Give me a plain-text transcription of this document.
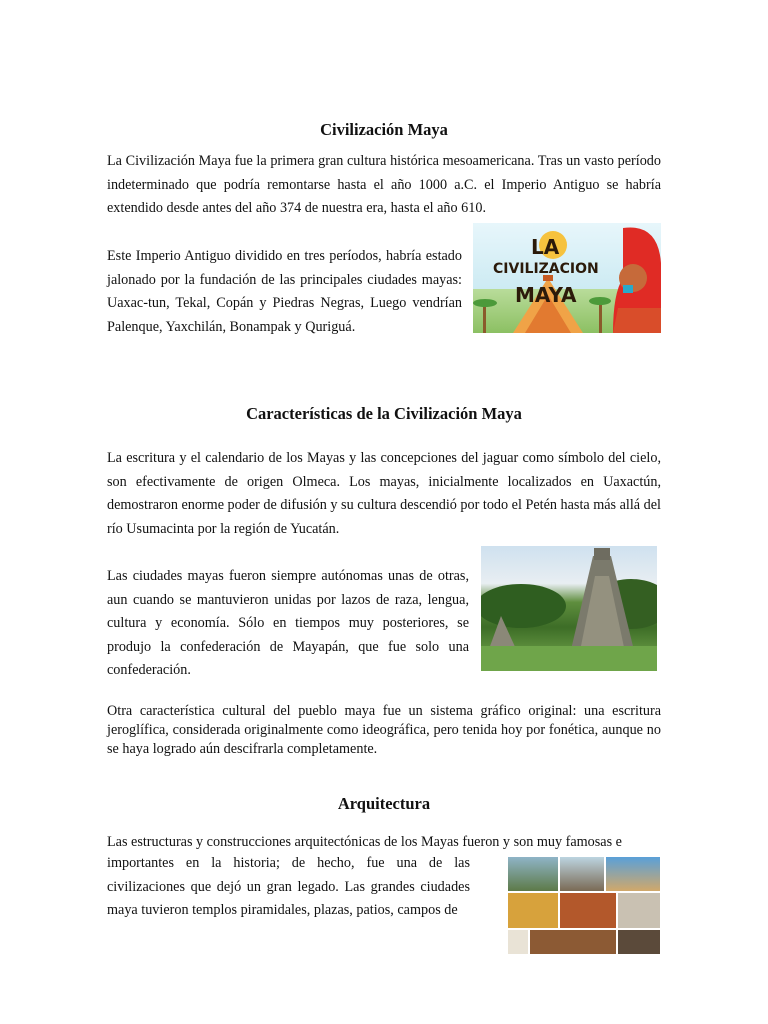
Civilización Maya

La Civilización Maya fue la primera gran cultura histórica mesoamericana. Tras un vasto período indeterminado que podría remontarse hasta el año 1000 a.C. el Imperio Antiguo se habría extendido desde antes del año 374 de nuestra era, hasta el año 610.

Este Imperio Antiguo dividido en tres períodos, habría estado jalonado por la fundación de las principales ciudades mayas: Uaxac-tun, Tekal, Copán y Piedras Negras, Luego vendrían Palenque, Yaxchilán, Bonampak y Quriguá.

LA
CIVILIZACION
MAYA
Características de la Civilización Maya

La escritura y el calendario de los Mayas y las concepciones del jaguar como símbolo del cielo, son efectivamente de origen Olmeca. Los mayas, inicialmente localizados en Uaxactún, demostraron enorme poder de difusión y su cultura descendió por todo el Petén hasta más allá del río Usumacinta por la región de Yucatán.

Las ciudades mayas fueron siempre autónomas unas de otras, aun cuando se mantuvieron unidas por lazos de raza, lengua, cultura y economía. Sólo en tiempos muy posteriores, se produjo la confederación de Mayapán, que fue solo una confederación.

Otra característica cultural del pueblo maya fue un sistema gráfico original: una escritura jeroglífica, considerada originalmente como ideográfica, pero tenida hoy por fonética, aunque no se haya logrado aún descifrarla completamente.

Arquitectura

Las estructuras y construcciones arquitectónicas de los Mayas fueron y son muy famosas e

importantes en la historia; de hecho, fue una de las civilizaciones que dejó un gran legado. Las grandes ciudades maya tuvieron templos piramidales, plazas, patios, campos de
